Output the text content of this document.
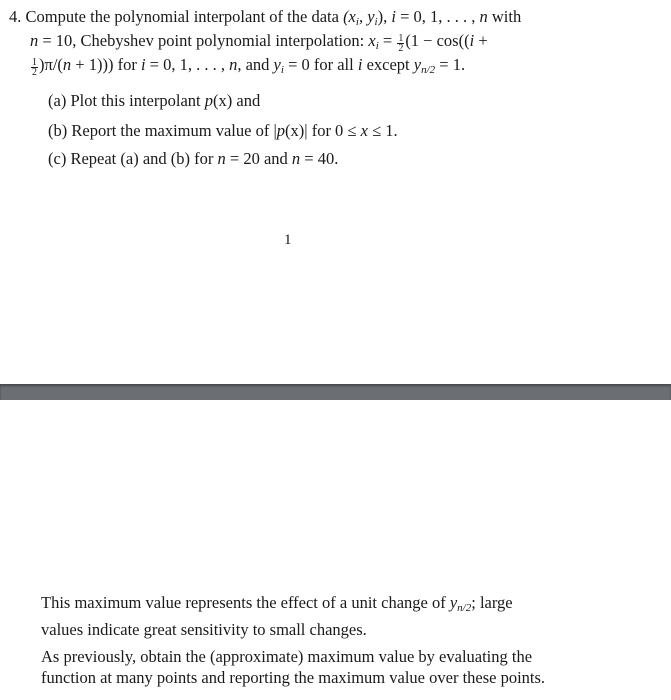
4. Compute the polynomial interpolant of the data ($x_i$, $y_i$), i = 0, 1, . . . , n with
n = 10, Chebyshev point polynomial interpolation: $x_i = \frac{1}{2} (1 - \cos((i$ +
$\frac{1}{2} )\pi/(n + 1)$)) for i = 0, 1, . . . , n, and $y_i = 0$ for all i except $y_{n/2} = 1$.
(a) Plot this interpolant p(x) and
(b) Report the maximum value of |p(x)| for 0 ≤ x ≤ 1.
(c) Repeat (a) and (b) for n = 20 and n = 40.
1
This maximum value represents the effect of a unit change of $y_{n/2}$; large
values indicate great sensitivity to small changes.
As previously, obtain the (approximate) maximum value by evaluating the
function at many points and reporting the maximum value over these points.
